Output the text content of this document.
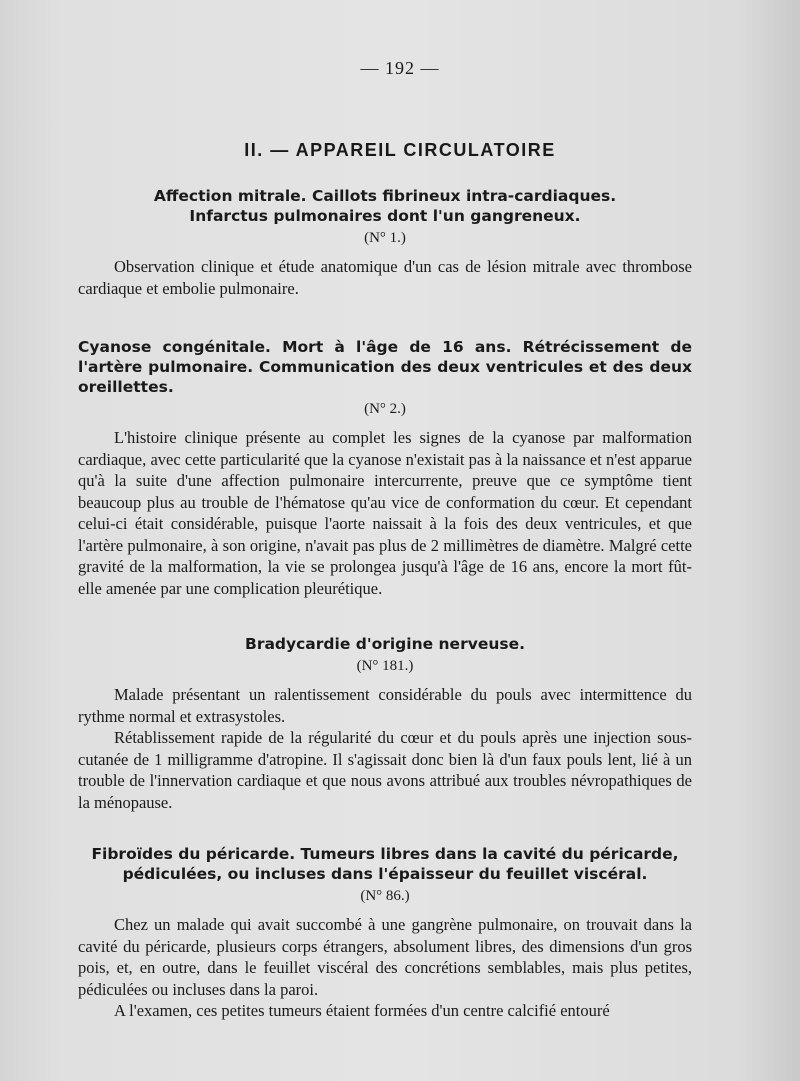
— 192 —
II. — APPAREIL CIRCULATOIRE
Affection mitrale. Caillots fibrineux intra-cardiaques.
Infarctus pulmonaires dont l'un gangreneux.
(N° 1.)

Observation clinique et étude anatomique d'un cas de lésion mitrale avec thrombose cardiaque et embolie pulmonaire.

Cyanose congénitale. Mort à l'âge de 16 ans. Rétrécissement de l'artère pulmonaire. Communication des deux ventricules et des deux oreillettes.
(N° 2.)

L'histoire clinique présente au complet les signes de la cyanose par malformation cardiaque, avec cette particularité que la cyanose n'existait pas à la naissance et n'est apparue qu'à la suite d'une affection pulmonaire intercurrente, preuve que ce symptôme tient beaucoup plus au trouble de l'hématose qu'au vice de conformation du cœur. Et cependant celui-ci était considérable, puisque l'aorte naissait à la fois des deux ventricules, et que l'artère pulmonaire, à son origine, n'avait pas plus de 2 millimètres de diamètre. Malgré cette gravité de la malformation, la vie se prolongea jusqu'à l'âge de 16 ans, encore la mort fût-elle amenée par une complication pleurétique.

Bradycardie d'origine nerveuse.
(N° 181.)

Malade présentant un ralentissement considérable du pouls avec intermittence du rythme normal et extrasystoles.

Rétablissement rapide de la régularité du cœur et du pouls après une injection sous-cutanée de 1 milligramme d'atropine. Il s'agissait donc bien là d'un faux pouls lent, lié à un trouble de l'innervation cardiaque et que nous avons attribué aux troubles névropathiques de la ménopause.

Fibroïdes du péricarde. Tumeurs libres dans la cavité du péricarde,
pédiculées, ou incluses dans l'épaisseur du feuillet viscéral.
(N° 86.)

Chez un malade qui avait succombé à une gangrène pulmonaire, on trouvait dans la cavité du péricarde, plusieurs corps étrangers, absolument libres, des dimensions d'un gros pois, et, en outre, dans le feuillet viscéral des concrétions semblables, mais plus petites, pédiculées ou incluses dans la paroi.

A l'examen, ces petites tumeurs étaient formées d'un centre calcifié entouré
